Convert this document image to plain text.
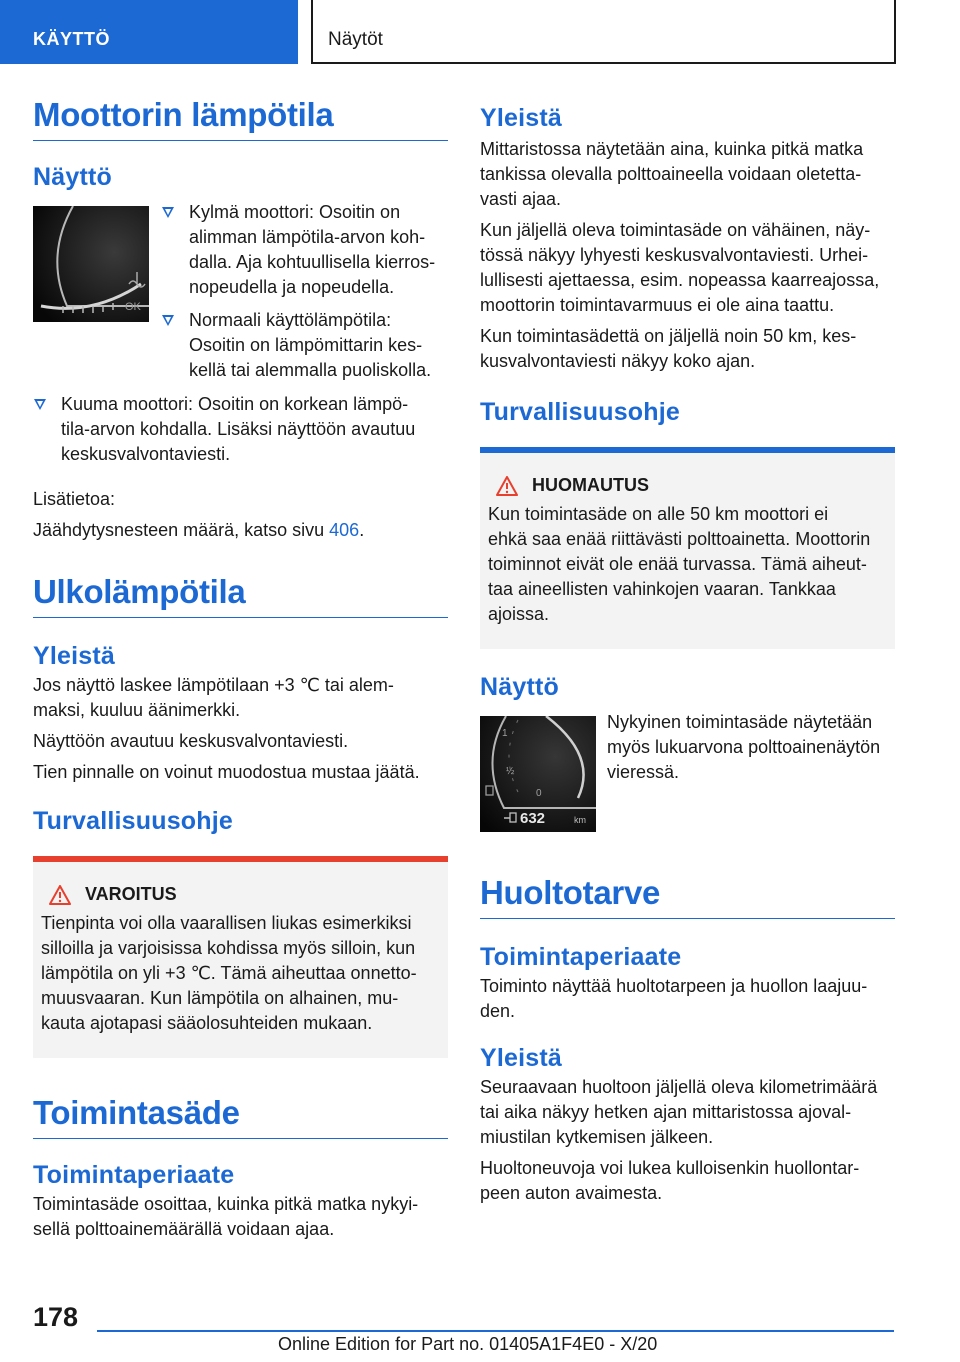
KÄYTTÖ	Näytöt
Moottorin lämpötila
Näyttö
OK
Kylmä moottori: Osoitin on
alimman lämpötila-arvon koh-
dalla. Aja kohtuullisella kierros-
nopeudella ja nopeudella.
Normaali käyttölämpötila:
Osoitin on lämpömittarin kes-
kellä tai alemmalla puoliskolla.
Kuuma moottori: Osoitin on korkean lämpö-
tila-arvon kohdalla. Lisäksi näyttöön avautuu
keskusvalvontaviesti.

Lisätietoa:

Jäähdytysnesteen määrä, katso sivu 406.

Ulkolämpötila
Yleistä

Jos näyttö laskee lämpötilaan +3 ℃ tai alem-
maksi, kuuluu äänimerkki.

Näyttöön avautuu keskusvalvontaviesti.

Tien pinnalle on voinut muodostua mustaa jäätä.

Turvallisuusohje
VAROITUS

Tienpinta voi olla vaarallisen liukas esimerkiksi
silloilla ja varjoisissa kohdissa myös silloin, kun
lämpötila on yli +3 ℃. Tämä aiheuttaa onnetto-
muusvaaran. Kun lämpötila on alhainen, mu-
kauta ajotapasi sääolosuhteiden mukaan.

Toimintasäde
Toimintaperiaate

Toimintasäde osoittaa, kuinka pitkä matka nykyi-
sellä polttoainemäärällä voidaan ajaa.

Yleistä

Mittaristossa näytetään aina, kuinka pitkä matka
tankissa olevalla polttoaineella voidaan oletetta-
vasti ajaa.

Kun jäljellä oleva toimintasäde on vähäinen, näy-
tössä näkyy lyhyesti keskusvalvontaviesti. Urhei-
lullisesti ajettaessa, esim. nopeassa kaarreajossa,
moottorin toimintavarmuus ei ole aina taattu.

Kun toimintasädettä on jäljellä noin 50 km, kes-
kusvalvontaviesti näkyy koko ajan.

Turvallisuusohje
HUOMAUTUS

Kun toimintasäde on alle 50 km moottori ei
ehkä saa enää riittävästi polttoainetta. Moottorin
toiminnot eivät ole enää turvassa. Tämä aiheut-
taa aineellisten vahinkojen vaaran. Tankkaa
ajoissa.

Näyttö
1
½
0
632	km

Nykyinen toimintasäde näytetään
myös lukuarvona polttoainenäytön
vieressä.

Huoltotarve
Toimintaperiaate

Toiminto näyttää huoltotarpeen ja huollon laajuu-
den.

Yleistä

Seuraavaan huoltoon jäljellä oleva kilometrimäärä
tai aika näkyy hetken ajan mittaristossa ajoval-
miustilan kytkemisen jälkeen.

Huoltoneuvoja voi lukea kulloisenkin huollontar-
peen auton avaimesta.

178
Online Edition for Part no. 01405A1F4E0 - X/20
